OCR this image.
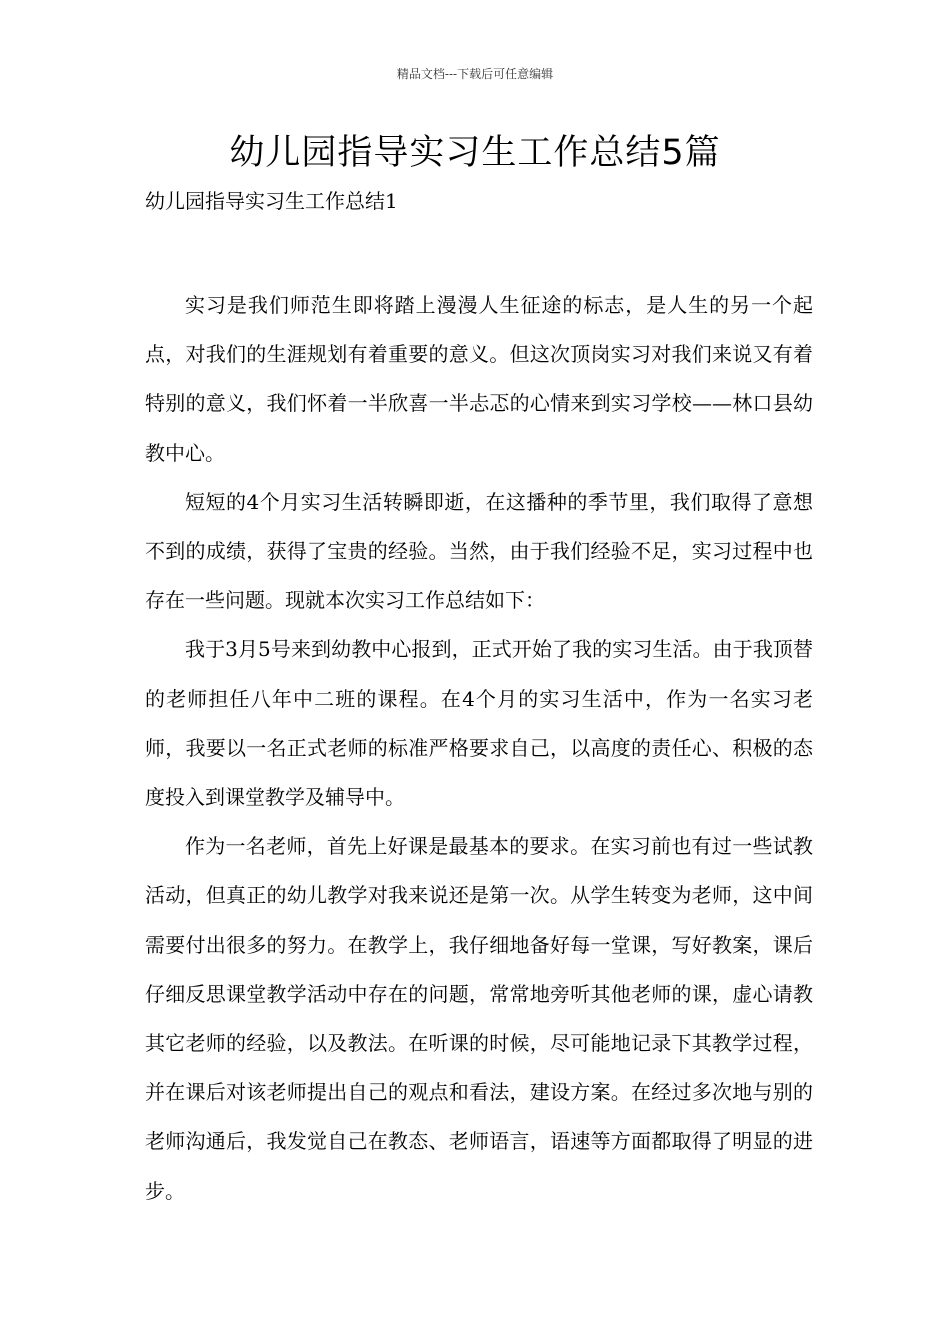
精品文档---下载后可任意编辑
幼儿园指导实习生工作总结5篇
幼儿园指导实习生工作总结1

实习是我们师范生即将踏上漫漫人生征途的标志，是人生的另一个起点，对我们的生涯规划有着重要的意义。但这次顶岗实习对我们来说又有着特别的意义，我们怀着一半欣喜一半忐忑的心情来到实习学校——林口县幼教中心。

短短的4个月实习生活转瞬即逝，在这播种的季节里，我们取得了意想不到的成绩，获得了宝贵的经验。当然，由于我们经验不足，实习过程中也存在一些问题。现就本次实习工作总结如下：

我于3月5号来到幼教中心报到，正式开始了我的实习生活。由于我顶替的老师担任八年中二班的课程。在4个月的实习生活中，作为一名实习老师，我要以一名正式老师的标准严格要求自己，以高度的责任心、积极的态度投入到课堂教学及辅导中。

作为一名老师，首先上好课是最基本的要求。在实习前也有过一些试教活动，但真正的幼儿教学对我来说还是第一次。从学生转变为老师，这中间需要付出很多的努力。在教学上，我仔细地备好每一堂课，写好教案，课后仔细反思课堂教学活动中存在的问题，常常地旁听其他老师的课，虚心请教其它老师的经验，以及教法。在听课的时候，尽可能地记录下其教学过程，并在课后对该老师提出自己的观点和看法，建设方案。在经过多次地与别的老师沟通后，我发觉自己在教态、老师语言，语速等方面都取得了明显的进步。
